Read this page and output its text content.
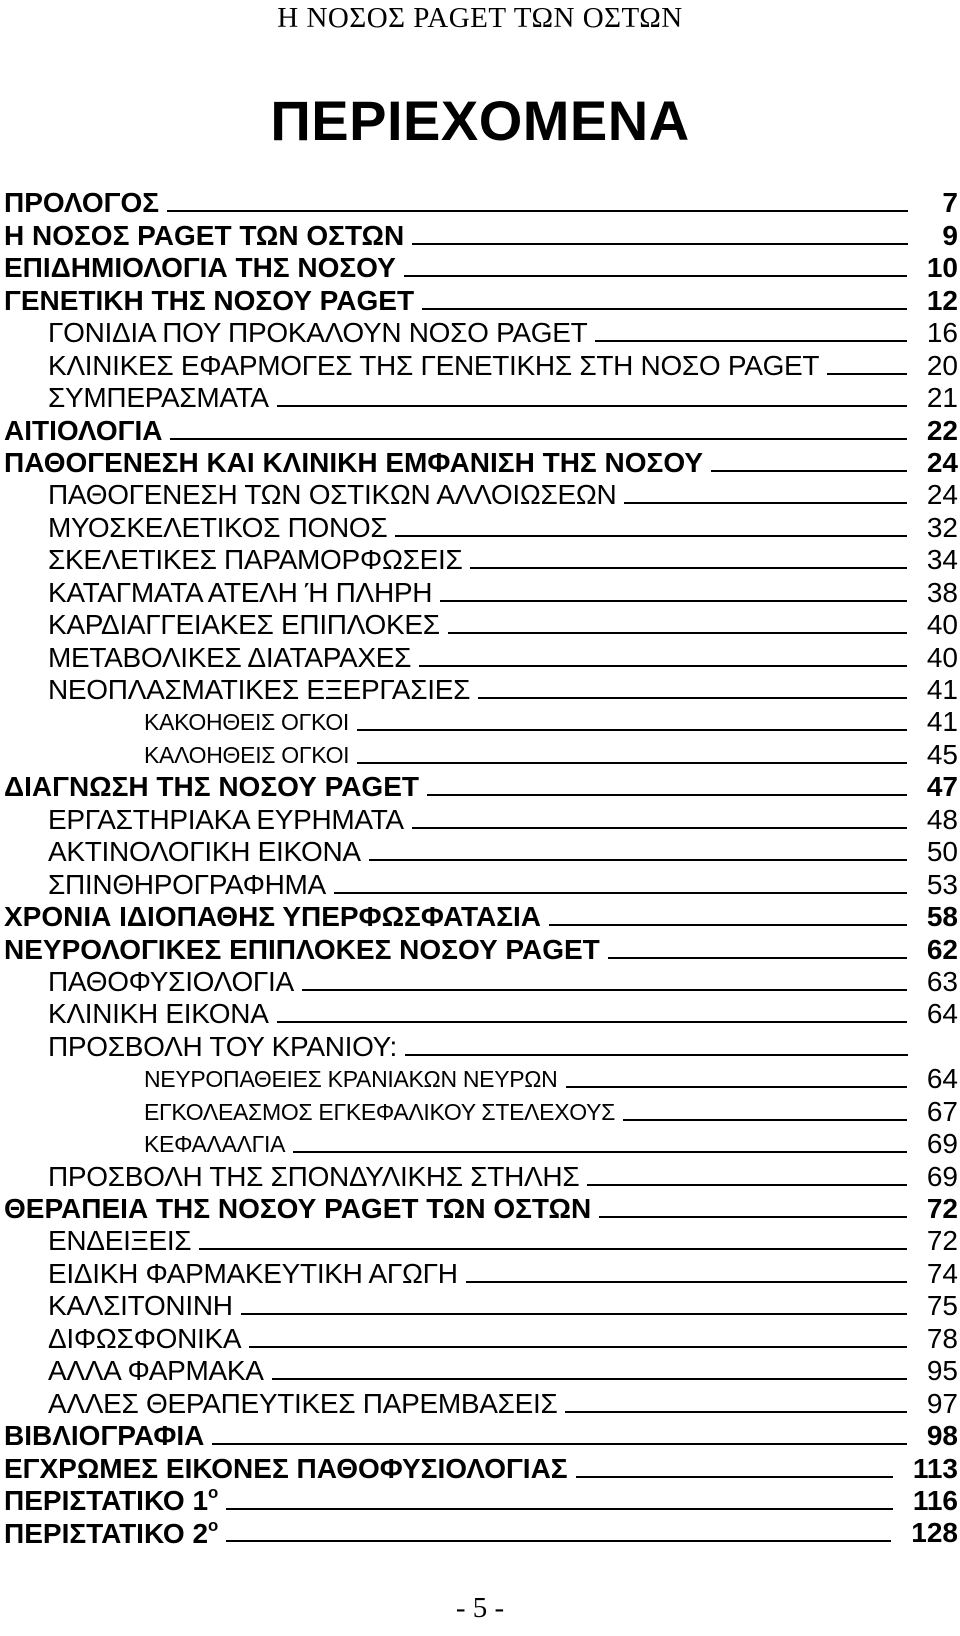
Η ΝΟΣΟΣ PAGET ΤΩΝ ΟΣΤΩΝ
ΠΕΡΙΕΧΟΜΕΝΑ
ΠΡΟΛΟΓΟΣ	7
Η ΝΟΣΟΣ PAGET ΤΩΝ ΟΣΤΩΝ	9
ΕΠΙΔΗΜΙΟΛΟΓΙΑ ΤΗΣ ΝΟΣΟΥ	10
ΓΕΝΕΤΙΚΗ ΤΗΣ ΝΟΣΟΥ PAGET	12
ΓΟΝΙΔΙΑ ΠΟΥ ΠΡΟΚΑΛΟΥΝ ΝΟΣΟ PAGET	16
ΚΛΙΝΙΚΕΣ ΕΦΑΡΜΟΓΕΣ ΤΗΣ ΓΕΝΕΤΙΚΗΣ ΣΤΗ ΝΟΣΟ PAGET	20
ΣΥΜΠΕΡΑΣΜΑΤΑ	21
ΑΙΤΙΟΛΟΓΙΑ	22
ΠΑΘΟΓΕΝΕΣΗ ΚΑΙ ΚΛΙΝΙΚΗ ΕΜΦΑΝΙΣΗ ΤΗΣ ΝΟΣΟΥ	24
ΠΑΘΟΓΕΝΕΣΗ ΤΩΝ ΟΣΤΙΚΩΝ ΑΛΛΟΙΩΣΕΩΝ	24
ΜΥΟΣΚΕΛΕΤΙΚΟΣ ΠΟΝΟΣ	32
ΣΚΕΛΕΤΙΚΕΣ ΠΑΡΑΜΟΡΦΩΣΕΙΣ	34
ΚΑΤΑΓΜΑΤΑ ΑΤΕΛΗ Ή ΠΛΗΡΗ	38
ΚΑΡΔΙΑΓΓΕΙΑΚΕΣ ΕΠΙΠΛΟΚΕΣ	40
ΜΕΤΑΒΟΛΙΚΕΣ ΔΙΑΤΑΡΑΧΕΣ	40
ΝΕΟΠΛΑΣΜΑΤΙΚΕΣ ΕΞΕΡΓΑΣΙΕΣ	41
ΚΑΚΟΗΘΕΙΣ ΟΓΚΟΙ	41
ΚΑΛΟΗΘΕΙΣ ΟΓΚΟΙ	45
ΔΙΑΓΝΩΣΗ ΤΗΣ ΝΟΣΟΥ PAGET	47
ΕΡΓΑΣΤΗΡΙΑΚΑ ΕΥΡΗΜΑΤΑ	48
ΑΚΤΙΝΟΛΟΓΙΚΗ ΕΙΚΟΝΑ	50
ΣΠΙΝΘΗΡΟΓΡΑΦΗΜΑ	53
ΧΡΟΝΙΑ ΙΔΙΟΠΑΘΗΣ ΥΠΕΡΦΩΣΦΑΤΑΣΙΑ	58
ΝΕΥΡΟΛΟΓΙΚΕΣ ΕΠΙΠΛΟΚΕΣ ΝΟΣΟΥ PAGET	62
ΠΑΘΟΦΥΣΙΟΛΟΓΙΑ	63
ΚΛΙΝΙΚΗ ΕΙΚΟΝΑ	64
ΠΡΟΣΒΟΛΗ ΤΟΥ ΚΡΑΝΙΟΥ:
ΝΕΥΡΟΠΑΘΕΙΕΣ ΚΡΑΝΙΑΚΩΝ ΝΕΥΡΩΝ	64
ΕΓΚΟΛΕΑΣΜΟΣ ΕΓΚΕΦΑΛΙΚΟΥ ΣΤΕΛΕΧΟΥΣ	67
ΚΕΦΑΛΑΛΓΙΑ	69
ΠΡΟΣΒΟΛΗ ΤΗΣ ΣΠΟΝΔΥΛΙΚΗΣ ΣΤΗΛΗΣ	69
ΘΕΡΑΠΕΙΑ ΤΗΣ ΝΟΣΟΥ PAGET ΤΩΝ ΟΣΤΩΝ	72
ΕΝΔΕΙΞΕΙΣ	72
ΕΙΔΙΚΗ ΦΑΡΜΑΚΕΥΤΙΚΗ ΑΓΩΓΗ	74
ΚΑΛΣΙΤΟΝΙΝΗ	75
ΔΙΦΩΣΦΟΝΙΚΑ	78
ΑΛΛΑ ΦΑΡΜΑΚΑ	95
ΑΛΛΕΣ ΘΕΡΑΠΕΥΤΙΚΕΣ ΠΑΡΕΜΒΑΣΕΙΣ	97
ΒΙΒΛΙΟΓΡΑΦΙΑ	98
ΕΓΧΡΩΜΕΣ ΕΙΚΟΝΕΣ ΠΑΘΟΦΥΣΙΟΛΟΓΙΑΣ	113
ΠΕΡΙΣΤΑΤΙΚΟ $1^o$	116
ΠΕΡΙΣΤΑΤΙΚΟ $2^o$	128
- 5 -
